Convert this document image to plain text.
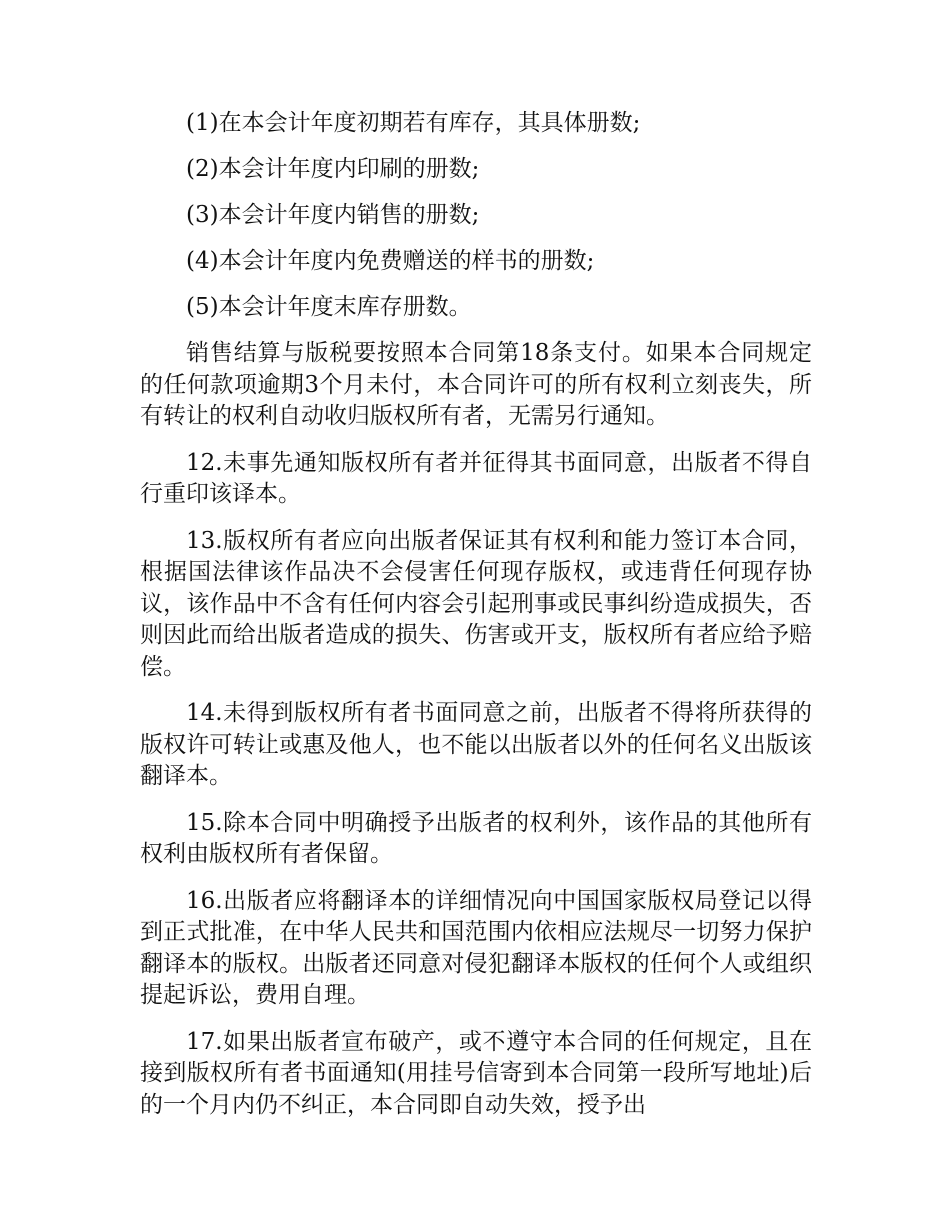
(1)在本会计年度初期若有库存，其具体册数;

(2)本会计年度内印刷的册数;

(3)本会计年度内销售的册数;

(4)本会计年度内免费赠送的样书的册数;

(5)本会计年度末库存册数。

销售结算与版税要按照本合同第18条支付。如果本合同规定的任何款项逾期3个月未付，本合同许可的所有权利立刻丧失，所有转让的权利自动收归版权所有者，无需另行通知。

12.未事先通知版权所有者并征得其书面同意，出版者不得自行重印该译本。

13.版权所有者应向出版者保证其有权利和能力签订本合同，根据国法律该作品决不会侵害任何现存版权，或违背任何现存协议，该作品中不含有任何内容会引起刑事或民事纠纷造成损失，否则因此而给出版者造成的损失、伤害或开支，版权所有者应给予赔偿。

14.未得到版权所有者书面同意之前，出版者不得将所获得的版权许可转让或惠及他人，也不能以出版者以外的任何名义出版该翻译本。

15.除本合同中明确授予出版者的权利外，该作品的其他所有权利由版权所有者保留。

16.出版者应将翻译本的详细情况向中国国家版权局登记以得到正式批准，在中华人民共和国范围内依相应法规尽一切努力保护翻译本的版权。出版者还同意对侵犯翻译本版权的任何个人或组织提起诉讼，费用自理。

17.如果出版者宣布破产，或不遵守本合同的任何规定，且在接到版权所有者书面通知(用挂号信寄到本合同第一段所写地址)后的一个月内仍不纠正，本合同即自动失效，授予出
